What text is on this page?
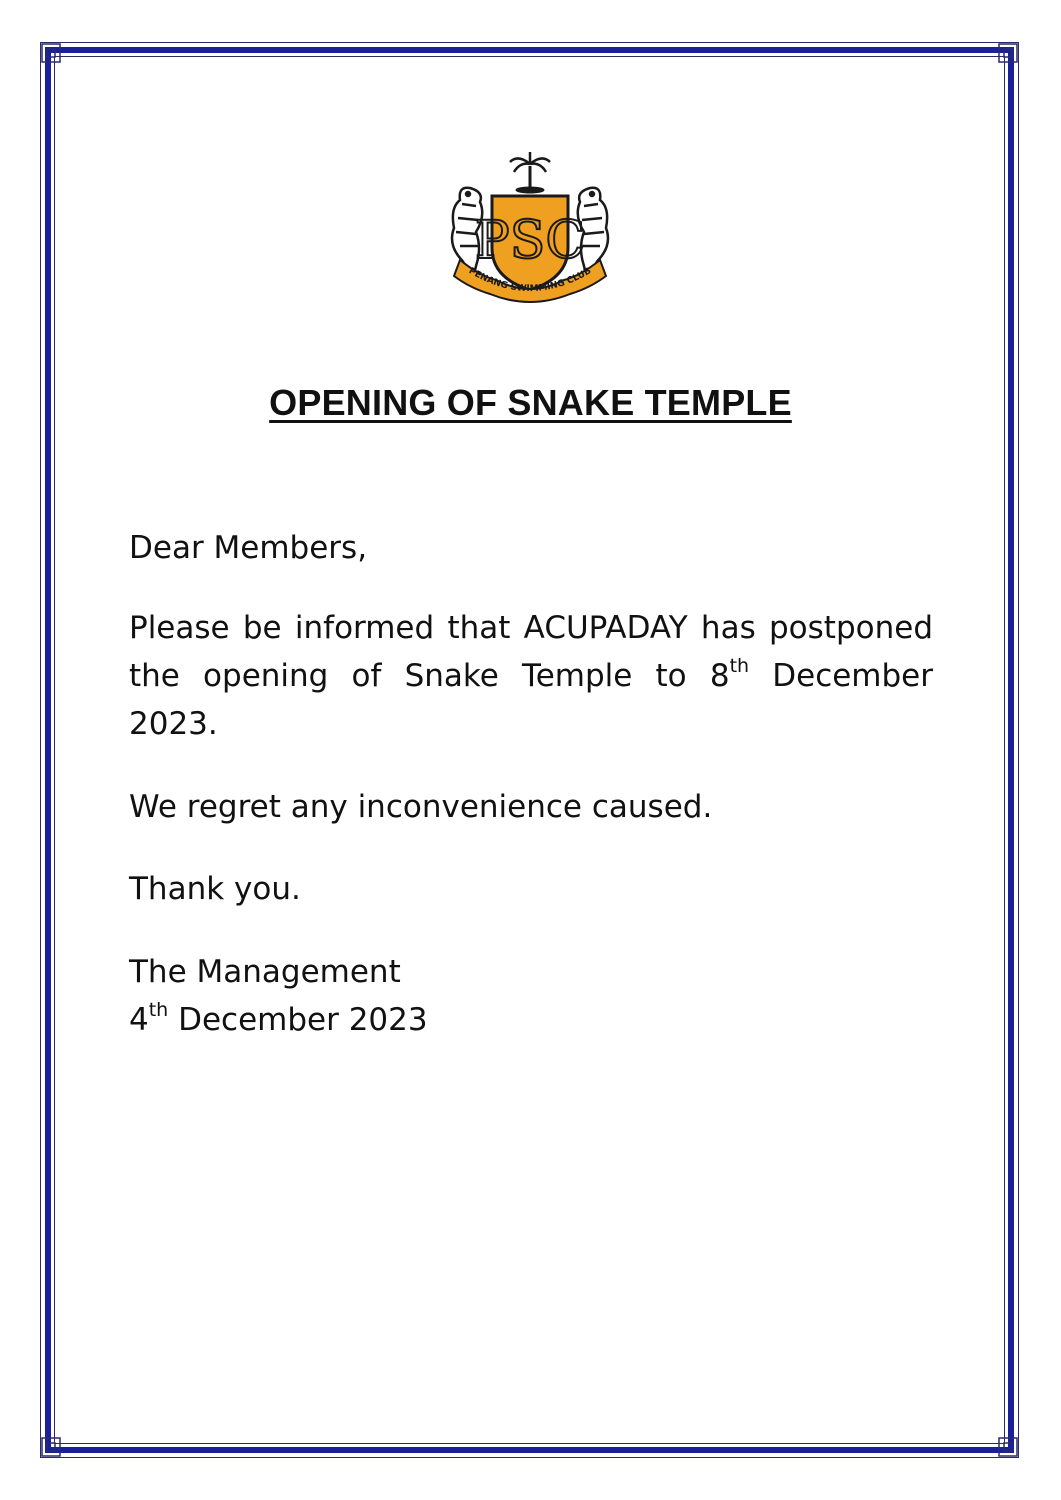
PSC
PENANG SWIMMING CLUB
OPENING OF SNAKE TEMPLE
Dear Members,
Please be informed that ACUPADAY has postponed the opening of Snake Temple to 8th December 2023.
We regret any inconvenience caused.
Thank you.
The Management
4th December 2023
